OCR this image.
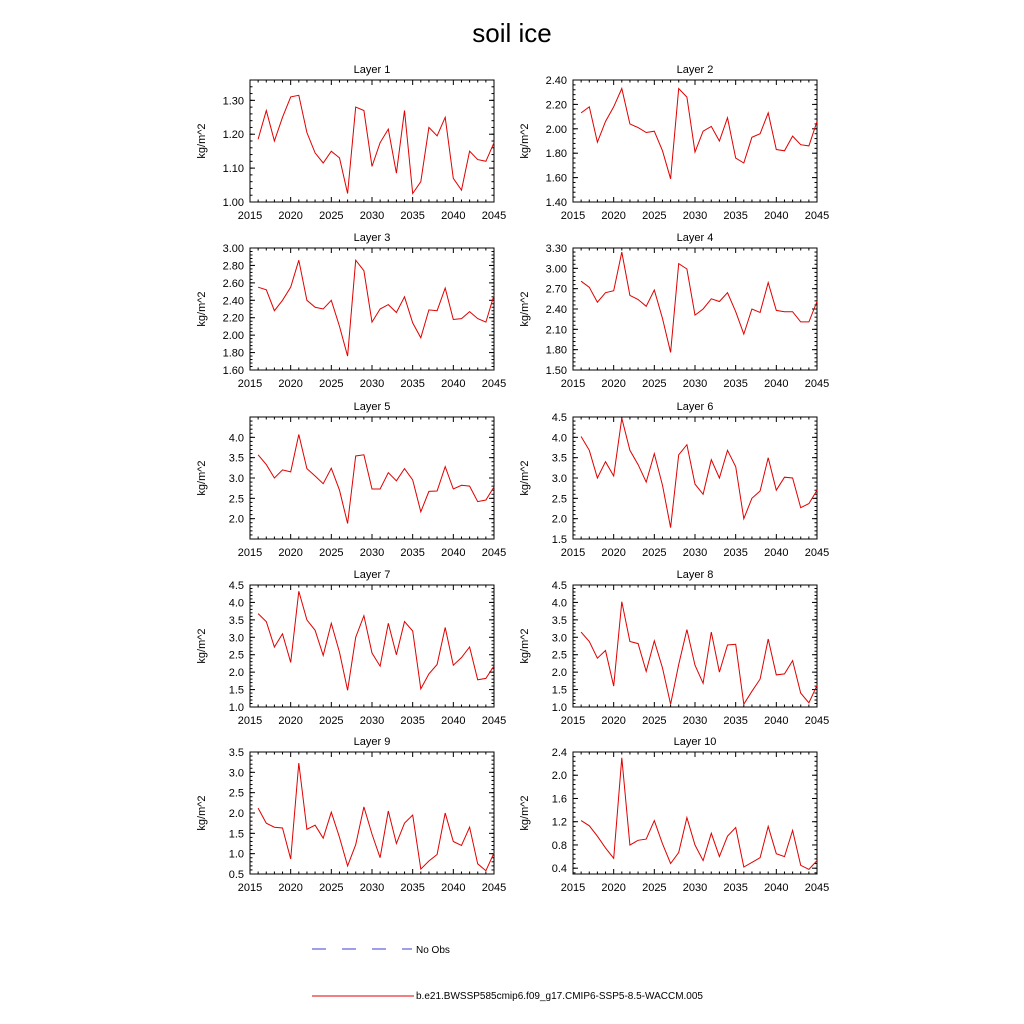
soil ice
Layer 1
kg/m^2
2015 2020 2025 2030 2035 2040 2045
1.00
1.10
1.20
1.30
Layer 2
kg/m^2
2015 2020 2025 2030 2035 2040 2045
1.40
1.60
1.80
2.00
2.20
2.40
Layer 3
kg/m^2
2015 2020 2025 2030 2035 2040 2045
1.60
1.80
2.00
2.20
2.40
2.60
2.80
3.00
Layer 4
kg/m^2
2015 2020 2025 2030 2035 2040 2045
1.50
1.80
2.10
2.40
2.70
3.00
3.30
Layer 5
kg/m^2
2015 2020 2025 2030 2035 2040 2045
2.0
2.5
3.0
3.5
4.0
Layer 6
kg/m^2
2015 2020 2025 2030 2035 2040 2045
1.5
2.0
2.5
3.0
3.5
4.0
4.5
Layer 7
kg/m^2
2015 2020 2025 2030 2035 2040 2045
1.0
1.5
2.0
2.5
3.0
3.5
4.0
4.5
Layer 8
kg/m^2
2015 2020 2025 2030 2035 2040 2045
1.0
1.5
2.0
2.5
3.0
3.5
4.0
4.5
Layer 9
kg/m^2
2015 2020 2025 2030 2035 2040 2045
0.5
1.0
1.5
2.0
2.5
3.0
3.5
Layer 10
kg/m^2
2015 2020 2025 2030 2035 2040 2045
0.4
0.8
1.2
1.6
2.0
2.4
No Obs
b.e21.BWSSP585cmip6.f09_g17.CMIP6-SSP5-8.5-WACCM.005
